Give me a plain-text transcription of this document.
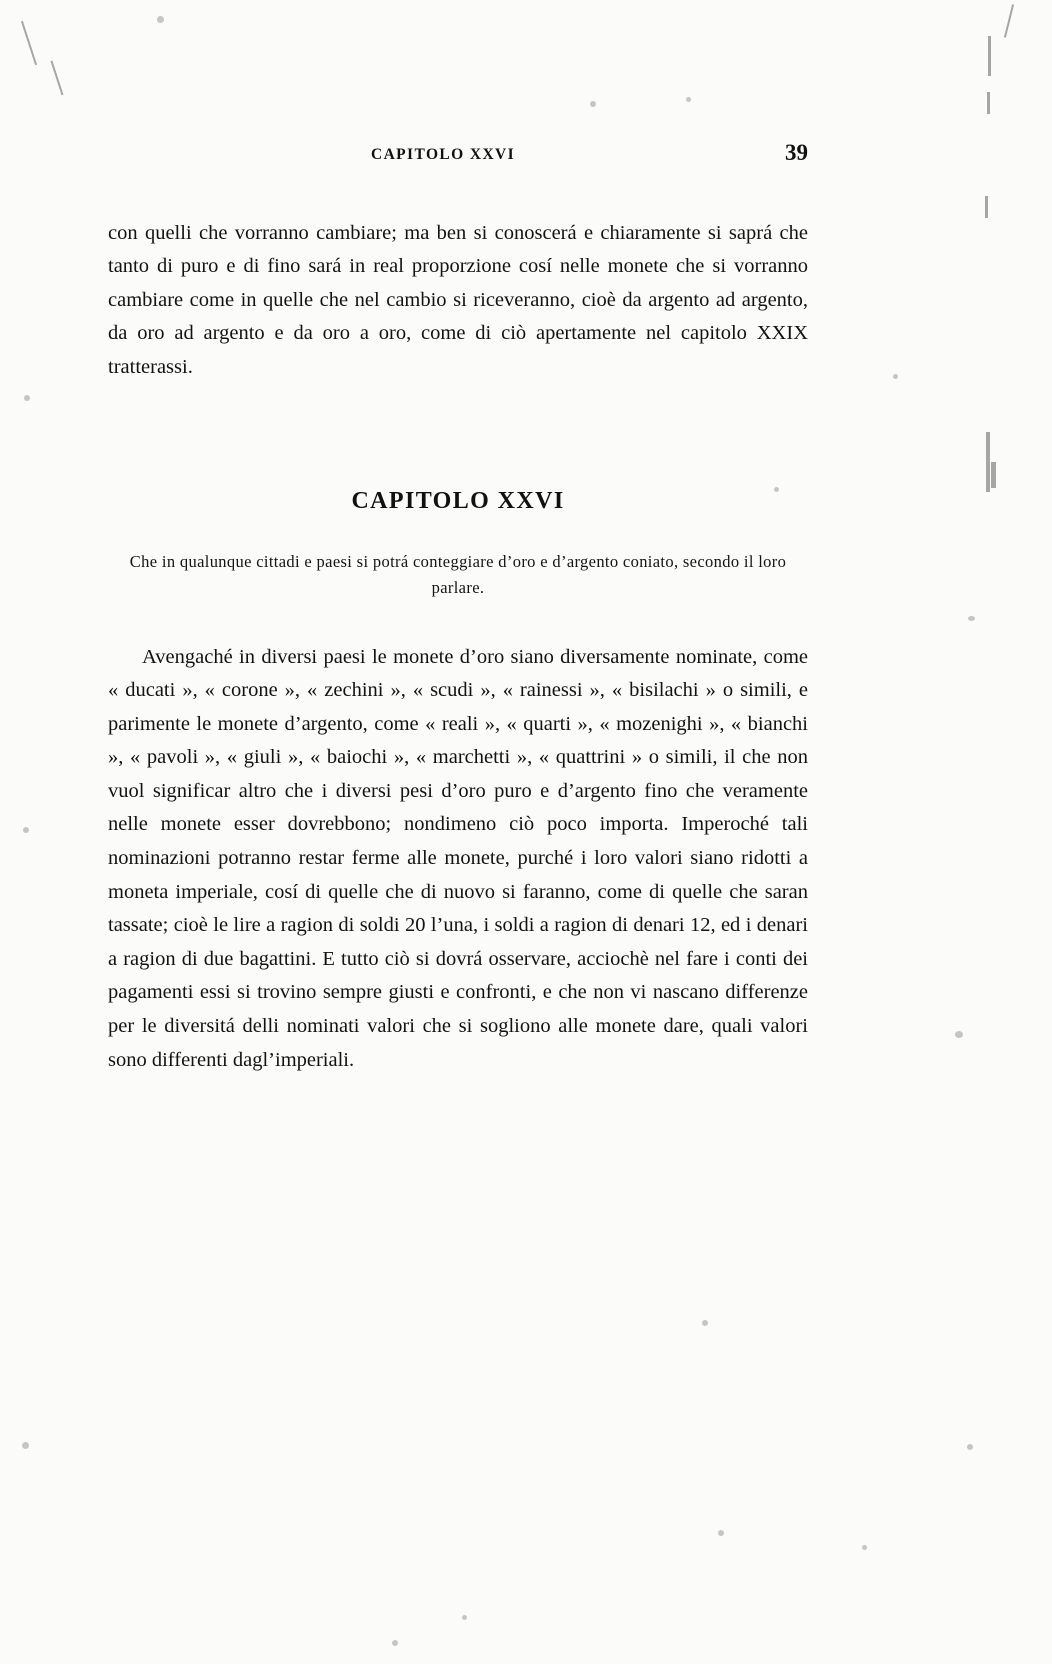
CAPITOLO XXVI	39

con quelli che vorranno cambiare; ma ben si conoscerá e chiaramente si saprá che tanto di puro e di fino sará in real proporzione cosí nelle monete che si vorranno cambiare come in quelle che nel cambio si riceveranno, cioè da argento ad argento, da oro ad argento e da oro a oro, come di ciò apertamente nel capitolo XXIX tratterassi.

CAPITOLO XXVI

Che in qualunque cittadi e paesi si potrá conteggiare d’oro e d’argento coniato, secondo il loro parlare.

Avengaché in diversi paesi le monete d’oro siano diversamente nominate, come « ducati », « corone », « zechini », « scudi », « rainessi », « bisilachi » o simili, e parimente le monete d’argento, come « reali », « quarti », « mozenighi », « bianchi », « pavoli », « giuli », « baiochi », « marchetti », « quattrini » o simili, il che non vuol significar altro che i diversi pesi d’oro puro e d’argento fino che veramente nelle monete esser dovrebbono; nondimeno ciò poco importa. Imperoché tali nominazioni potranno restar ferme alle monete, purché i loro valori siano ridotti a moneta imperiale, cosí di quelle che di nuovo si faranno, come di quelle che saran tassate; cioè le lire a ragion di soldi 20 l’una, i soldi a ragion di denari 12, ed i denari a ragion di due bagattini. E tutto ciò si dovrá osservare, acciochè nel fare i conti dei pagamenti essi si trovino sempre giusti e confronti, e che non vi nascano differenze per le diversitá delli nominati valori che si sogliono alle monete dare, quali valori sono differenti dagl’imperiali.
